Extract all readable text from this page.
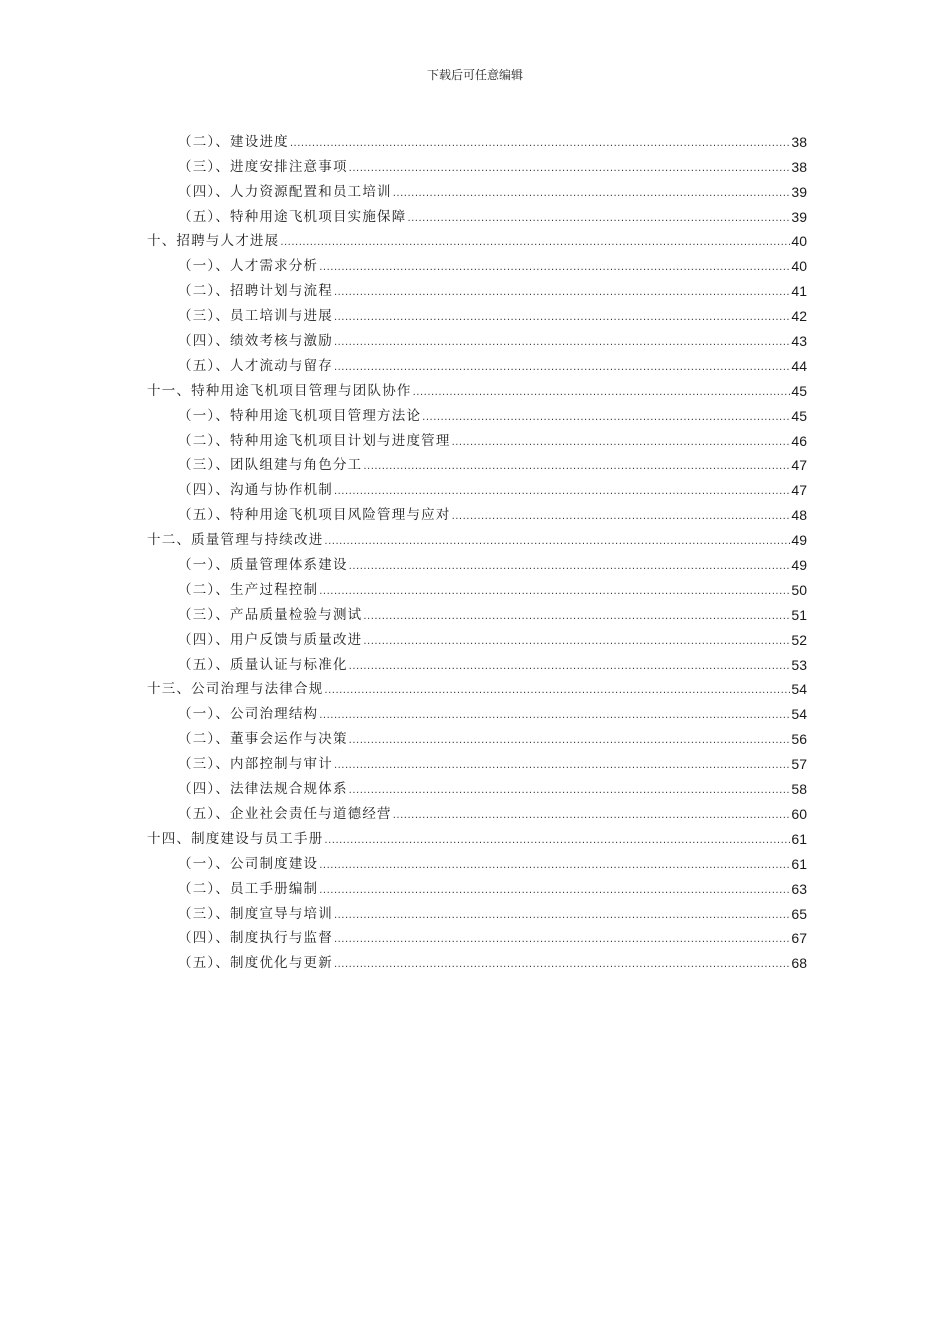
下载后可任意编辑
（二）、建设进度 .....	38
（三）、进度安排注意事项 .....	38
（四）、人力资源配置和员工培训 .....	39
（五）、特种用途飞机项目实施保障 .....	39
十、招聘与人才进展 .....	40
（一）、人才需求分析 .....	40
（二）、招聘计划与流程 .....	41
（三）、员工培训与进展 .....	42
（四）、绩效考核与激励 .....	43
（五）、人才流动与留存 .....	44
十一、特种用途飞机项目管理与团队协作 .....	45
（一）、特种用途飞机项目管理方法论 .....	45
（二）、特种用途飞机项目计划与进度管理 .....	46
（三）、团队组建与角色分工 .....	47
（四）、沟通与协作机制 .....	47
（五）、特种用途飞机项目风险管理与应对 .....	48
十二、质量管理与持续改进 .....	49
（一）、质量管理体系建设 .....	49
（二）、生产过程控制 .....	50
（三）、产品质量检验与测试 .....	51
（四）、用户反馈与质量改进 .....	52
（五）、质量认证与标准化 .....	53
十三、公司治理与法律合规 .....	54
（一）、公司治理结构 .....	54
（二）、董事会运作与决策 .....	56
（三）、内部控制与审计 .....	57
（四）、法律法规合规体系 .....	58
（五）、企业社会责任与道德经营 .....	60
十四、制度建设与员工手册 .....	61
（一）、公司制度建设 .....	61
（二）、员工手册编制 .....	63
（三）、制度宣导与培训 .....	65
（四）、制度执行与监督 .....	67
（五）、制度优化与更新 .....	68
